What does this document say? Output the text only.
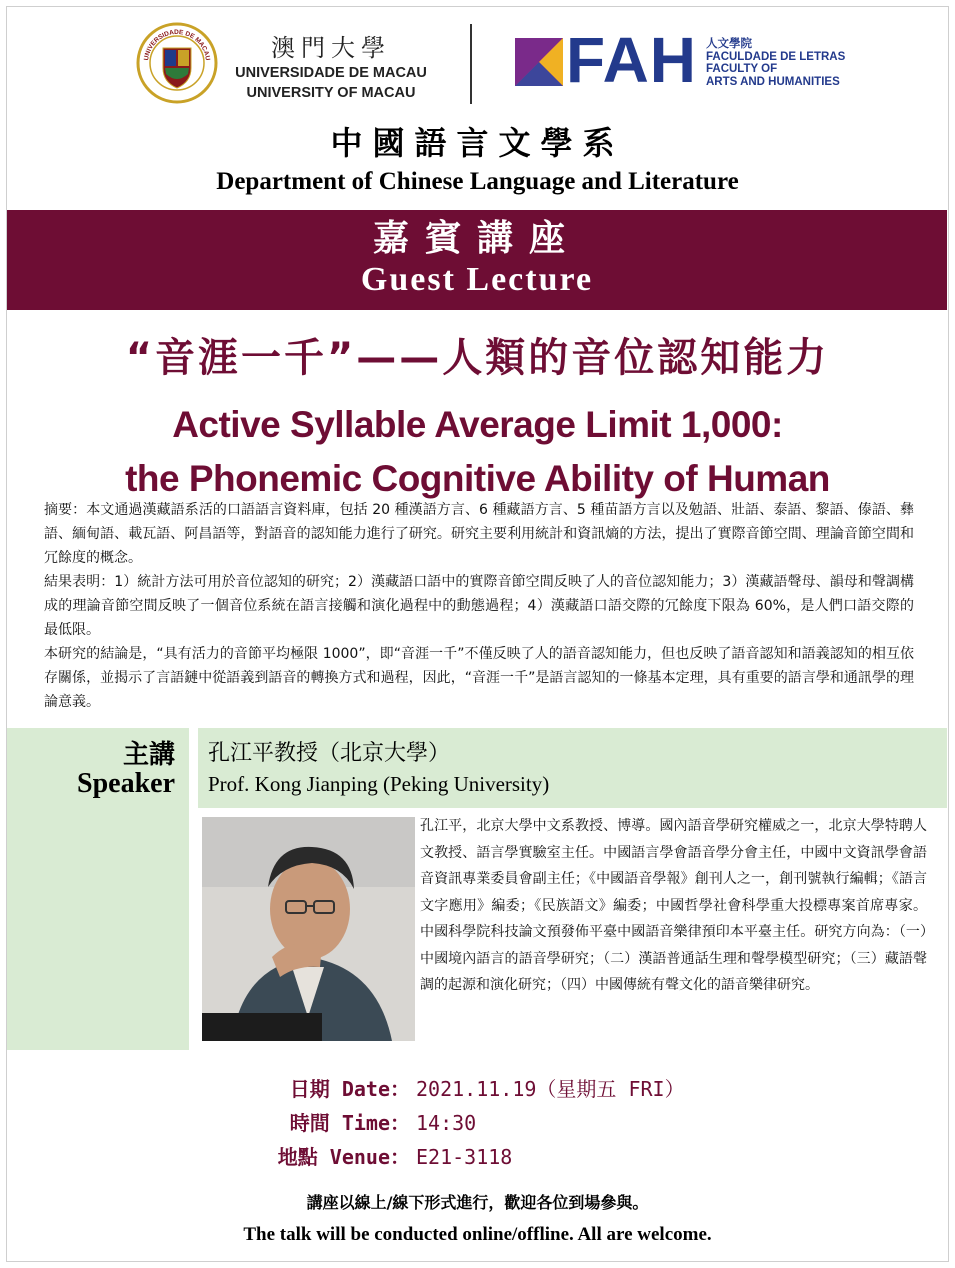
UNIVERSIDADE DE MACAU	澳門大學
UNIVERSIDADE DE MACAU
UNIVERSITY OF MACAU	FAH 人文學院
FACULDADE DE LETRAS
FACULTY OF
ARTS AND HUMANITIES
中國語言文學系
Department of Chinese Language and Literature
嘉賓講座
Guest Lecture
“音涯一千”——人類的音位認知能力
Active Syllable Average Limit 1,000:
the Phonemic Cognitive Ability of Human

摘要：本文通過漢藏語系活的口語語言資料庫，包括 20 種漢語方言、6 種藏語方言、5 種苗語方言以及勉語、壯語、泰語、黎語、傣語、彝語、緬甸語、載瓦語、阿昌語等，對語音的認知能力進行了研究。研究主要利用統計和資訊熵的方法，提出了實際音節空間、理論音節空間和冗餘度的概念。

結果表明：1）統計方法可用於音位認知的研究；2）漢藏語口語中的實際音節空間反映了人的音位認知能力；3）漢藏語聲母、韻母和聲調構成的理論音節空間反映了一個音位系統在語言接觸和演化過程中的動態過程；4）漢藏語口語交際的冗餘度下限為 60%，是人們口語交際的最低限。

本研究的結論是，“具有活力的音節平均極限 1000”，即“音涯一千”不僅反映了人的語音認知能力，但也反映了語音認知和語義認知的相互依存關係，並揭示了言語鏈中從語義到語音的轉換方式和過程，因此，“音涯一千”是語言認知的一條基本定理，具有重要的語言學和通訊學的理論意義。

主講
Speaker
孔江平教授（北京大學）
Prof. Kong Jianping (Peking University)
孔江平，北京大學中文系教授、博導。國內語音學研究權威之一，北京大學特聘人文教授、語言學實驗室主任。中國語言學會語音學分會主任，中國中文資訊學會語音資訊專業委員會副主任；《中國語音學報》創刊人之一，創刊號執行編輯；《語言文字應用》編委；《民族語文》編委；中國哲學社會科學重大投標專案首席專家。中國科學院科技論文預發佈平臺中國語音樂律預印本平臺主任。研究方向為：（一）中國境內語言的語音學研究；（二）漢語普通話生理和聲學模型研究；（三）藏語聲調的起源和演化研究；（四）中國傳統有聲文化的語音樂律研究。
日期 Date： 2021.11.19（星期五 FRI）
時間 Time： 14:30
地點 Venue： E21-3118
講座以線上/線下形式進行，歡迎各位到場參與。
The talk will be conducted online/offline. All are welcome.
